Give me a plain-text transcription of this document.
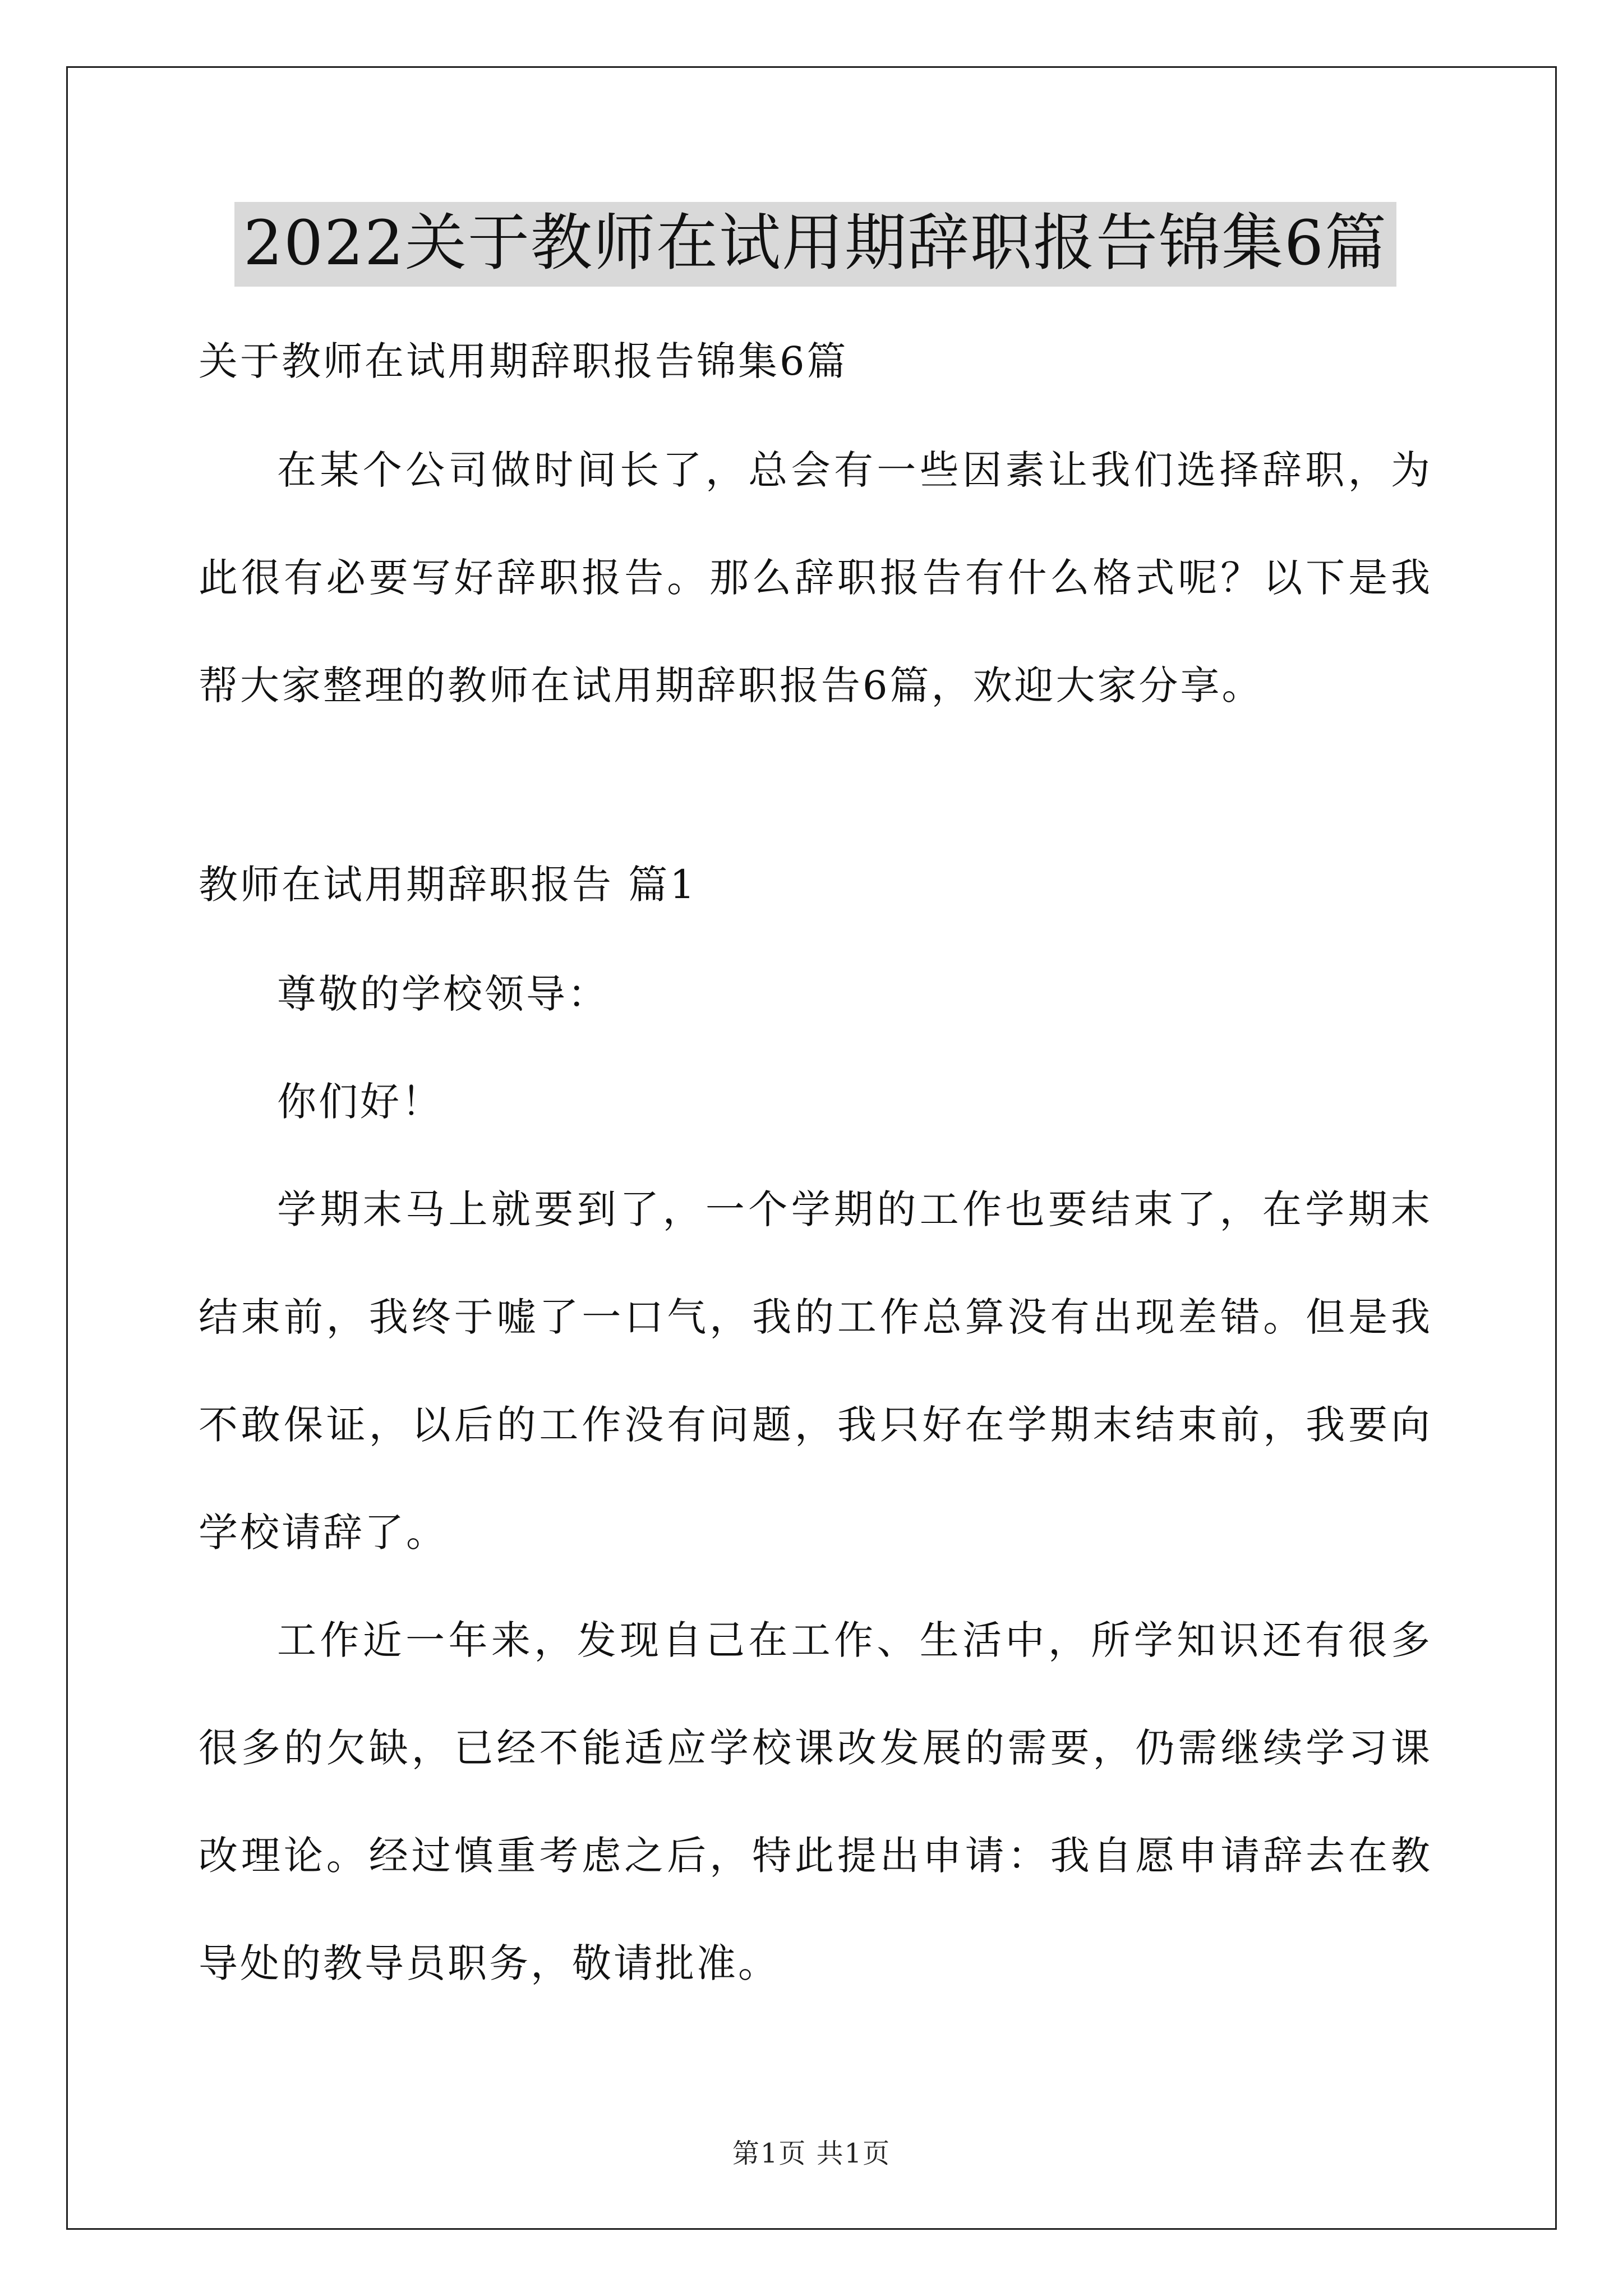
2022关于教师在试用期辞职报告锦集6篇

关于教师在试用期辞职报告锦集6篇

在某个公司做时间长了，总会有一些因素让我们选择辞职，为此很有必要写好辞职报告。那么辞职报告有什么格式呢？以下是我帮大家整理的教师在试用期辞职报告6篇，欢迎大家分享。

教师在试用期辞职报告 篇1

尊敬的学校领导：

你们好！

学期末马上就要到了，一个学期的工作也要结束了，在学期末结束前，我终于嘘了一口气，我的工作总算没有出现差错。但是我不敢保证，以后的工作没有问题，我只好在学期末结束前，我要向学校请辞了。

工作近一年来，发现自己在工作、生活中，所学知识还有很多很多的欠缺，已经不能适应学校课改发展的需要，仍需继续学习课改理论。经过慎重考虑之后，特此提出申请：我自愿申请辞去在教导处的教导员职务，敬请批准。

第1页 共1页
